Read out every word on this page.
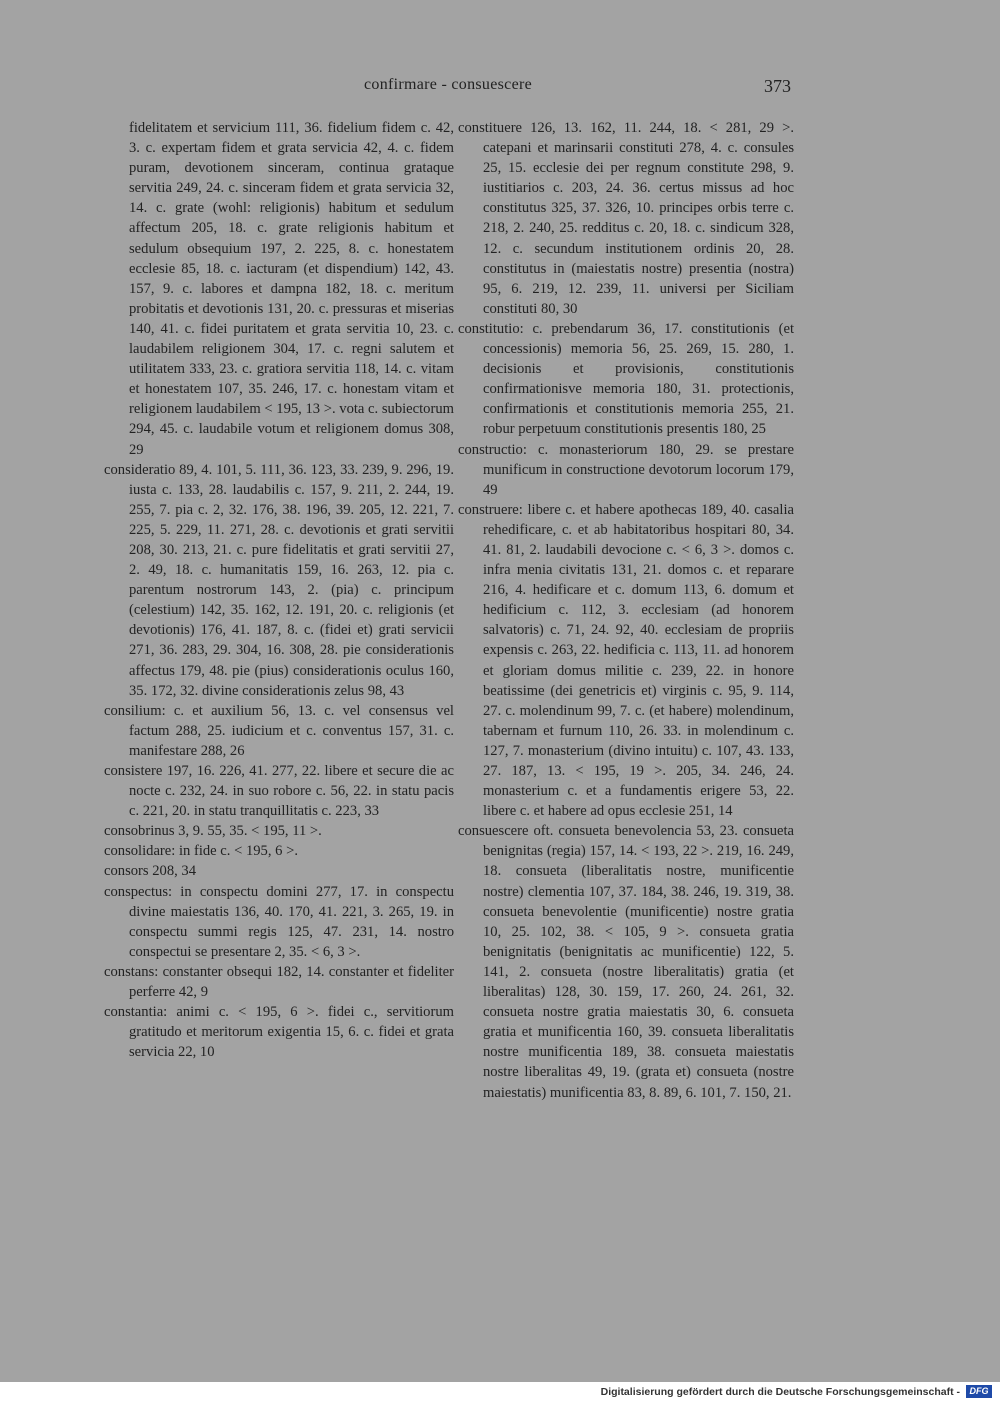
confirmare - consuescere	373

fidelitatem et servicium 111, 36. fidelium fidem c. 42, 3. c. expertam fidem et grata servicia 42, 4. c. fidem puram, devotionem sinceram, continua grataque servitia 249, 24. c. sinceram fidem et grata servicia 32, 14. c. grate (wohl: religionis) habitum et sedulum affectum 205, 18. c. grate religionis habitum et sedulum obsequium 197, 2. 225, 8. c. honestatem ecclesie 85, 18. c. iacturam (et dispendium) 142, 43. 157, 9. c. labores et dampna 182, 18. c. meritum probitatis et devotionis 131, 20. c. pressuras et miserias 140, 41. c. fidei puritatem et grata servitia 10, 23. c. laudabilem religionem 304, 17. c. regni salutem et utilitatem 333, 23. c. gratiora servitia 118, 14. c. vitam et honestatem 107, 35. 246, 17. c. honestam vitam et religionem laudabilem < 195, 13 >. vota c. subiectorum 294, 45. c. laudabile votum et religionem domus 308, 29

consideratio 89, 4. 101, 5. 111, 36. 123, 33. 239, 9. 296, 19. iusta c. 133, 28. laudabilis c. 157, 9. 211, 2. 244, 19. 255, 7. pia c. 2, 32. 176, 38. 196, 39. 205, 12. 221, 7. 225, 5. 229, 11. 271, 28. c. devotionis et grati servitii 208, 30. 213, 21. c. pure fidelitatis et grati servitii 27, 2. 49, 18. c. humanitatis 159, 16. 263, 12. pia c. parentum nostrorum 143, 2. (pia) c. principum (celestium) 142, 35. 162, 12. 191, 20. c. religionis (et devotionis) 176, 41. 187, 8. c. (fidei et) grati servicii 271, 36. 283, 29. 304, 16. 308, 28. pie considerationis affectus 179, 48. pie (pius) considerationis oculus 160, 35. 172, 32. divine considerationis zelus 98, 43

consilium: c. et auxilium 56, 13. c. vel consensus vel factum 288, 25. iudicium et c. conventus 157, 31. c. manifestare 288, 26

consistere 197, 16. 226, 41. 277, 22. libere et secure die ac nocte c. 232, 24. in suo robore c. 56, 22. in statu pacis c. 221, 20. in statu tranquillitatis c. 223, 33

consobrinus 3, 9. 55, 35. < 195, 11 >.

consolidare: in fide c. < 195, 6 >.

consors 208, 34

conspectus: in conspectu domini 277, 17. in conspectu divine maiestatis 136, 40. 170, 41. 221, 3. 265, 19. in conspectu summi regis 125, 47. 231, 14. nostro conspectui se presentare 2, 35. < 6, 3 >.

constans: constanter obsequi 182, 14. constanter et fideliter perferre 42, 9

constantia: animi c. < 195, 6 >. fidei c., servitiorum gratitudo et meritorum exigentia 15, 6. c. fidei et grata servicia 22, 10

constituere 126, 13. 162, 11. 244, 18. < 281, 29 >. catepani et marinsarii constituti 278, 4. c. consules 25, 15. ecclesie dei per regnum constitute 298, 9. iustitiarios c. 203, 24. 36. certus missus ad hoc constitutus 325, 37. 326, 10. principes orbis terre c. 218, 2. 240, 25. redditus c. 20, 18. c. sindicum 328, 12. c. secundum institutionem ordinis 20, 28. constitutus in (maiestatis nostre) presentia (nostra) 95, 6. 219, 12. 239, 11. universi per Siciliam constituti 80, 30

constitutio: c. prebendarum 36, 17. constitutionis (et concessionis) memoria 56, 25. 269, 15. 280, 1. decisionis et provisionis, constitutionis confirmationisve memoria 180, 31. protectionis, confirmationis et constitutionis memoria 255, 21. robur perpetuum constitutionis presentis 180, 25

constructio: c. monasteriorum 180, 29. se prestare munificum in constructione devotorum locorum 179, 49

construere: libere c. et habere apothecas 189, 40. casalia rehedificare, c. et ab habitatoribus hospitari 80, 34. 41. 81, 2. laudabili devocione c. < 6, 3 >. domos c. infra menia civitatis 131, 21. domos c. et reparare 216, 4. hedificare et c. domum 113, 6. domum et hedificium c. 112, 3. ecclesiam (ad honorem salvatoris) c. 71, 24. 92, 40. ecclesiam de propriis expensis c. 263, 22. hedificia c. 113, 11. ad honorem et gloriam domus militie c. 239, 22. in honore beatissime (dei genetricis et) virginis c. 95, 9. 114, 27. c. molendinum 99, 7. c. (et habere) molendinum, tabernam et furnum 110, 26. 33. in molendinum c. 127, 7. monasterium (divino intuitu) c. 107, 43. 133, 27. 187, 13. < 195, 19 >. 205, 34. 246, 24. monasterium c. et a fundamentis erigere 53, 22. libere c. et habere ad opus ecclesie 251, 14

consuescere oft. consueta benevolencia 53, 23. consueta benignitas (regia) 157, 14. < 193, 22 >. 219, 16. 249, 18. consueta (liberalitatis nostre, munificentie nostre) clementia 107, 37. 184, 38. 246, 19. 319, 38. consueta benevolentie (munificentie) nostre gratia 10, 25. 102, 38. < 105, 9 >. consueta gratia benignitatis (benignitatis ac munificentie) 122, 5. 141, 2. consueta (nostre liberalitatis) gratia (et liberalitas) 128, 30. 159, 17. 260, 24. 261, 32. consueta nostre gratia maiestatis 30, 6. consueta gratia et munificentia 160, 39. consueta liberalitatis nostre munificentia 189, 38. consueta maiestatis nostre liberalitas 49, 19. (grata et) consueta (nostre maiestatis) munificentia 83, 8. 89, 6. 101, 7. 150, 21.

Digitalisierung gefördert durch die Deutsche Forschungsgemeinschaft -	DFG
